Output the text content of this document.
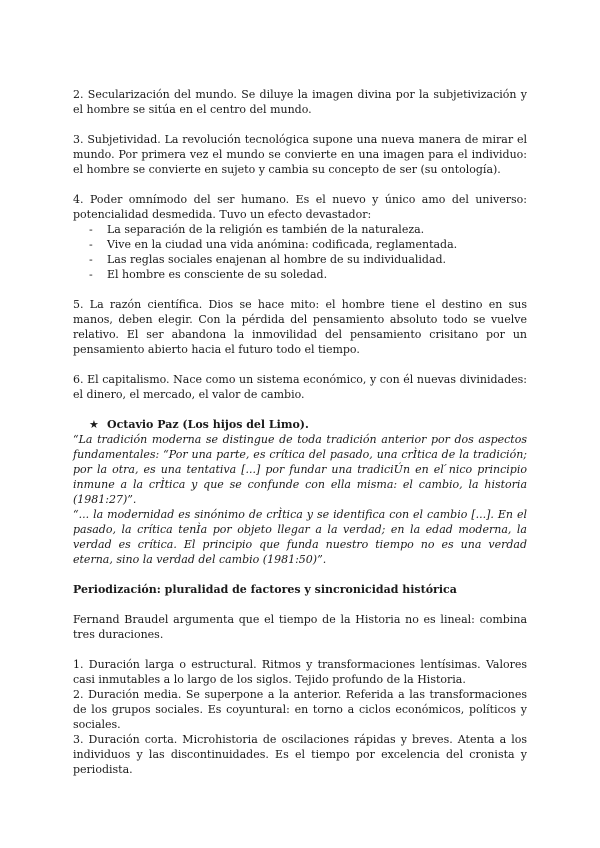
2. Secularización del mundo. Se diluye la imagen divina por la subjetivización y el hombre se sitúa en el centro del mundo.

3. Subjetividad. La revolución tecnológica supone una nueva manera de mirar el mundo. Por primera vez el mundo se convierte en una imagen para el individuo: el hombre se convierte en sujeto y cambia su concepto de ser (su ontología).

4. Poder omnímodo del ser humano. Es el nuevo y único amo del universo: potencialidad desmedida. Tuvo un efecto devastador:

- La separación de la religión es también de la naturaleza.
- Vive en la ciudad una vida anómina: codificada, reglamentada.
- Las reglas sociales enajenan al hombre de su individualidad.
- El hombre es consciente de su soledad.

5. La razón científica. Dios se hace mito: el hombre tiene el destino en sus manos, deben elegir. Con la pérdida del pensamiento absoluto todo se vuelve relativo. El ser abandona la inmovilidad del pensamiento crisitano por un pensamiento abierto hacia el futuro todo el tiempo.

6. El capitalismo. Nace como un sistema económico, y con él nuevas divinidades: el dinero, el mercado, el valor de cambio.

★ Octavio Paz (Los hijos del Limo).

“La tradición moderna se distingue de toda tradición anterior por dos aspectos fundamentales: “Por una parte, es crítica del pasado, una crÌtica de la tradición; por la otra, es una tentativa [...] por fundar una tradiciÚn en el ́nico principio inmune a la crÌtica y que se confunde con ella misma: el cambio, la historia (1981:27)”.

“... la modernidad es sinónimo de crÌtica y se identifica con el cambio [...]. En el pasado, la crítica tenÌa por objeto llegar a la verdad; en la edad moderna, la verdad es crítica. El principio que funda nuestro tiempo no es una verdad eterna, sino la verdad del cambio (1981:50)”.

Periodización: pluralidad de factores y sincronicidad histórica

Fernand Braudel argumenta que el tiempo de la Historia no es lineal: combina tres duraciones.

1. Duración larga o estructural. Ritmos y transformaciones lentísimas. Valores casi inmutables a lo largo de los siglos. Tejido profundo de la Historia.

2. Duración media. Se superpone a la anterior. Referida a las transformaciones de los grupos sociales. Es coyuntural: en torno a ciclos económicos, políticos y sociales.

3. Duración corta. Microhistoria de oscilaciones rápidas y breves. Atenta a los individuos y las discontinuidades. Es el tiempo por excelencia del cronista y periodista.
